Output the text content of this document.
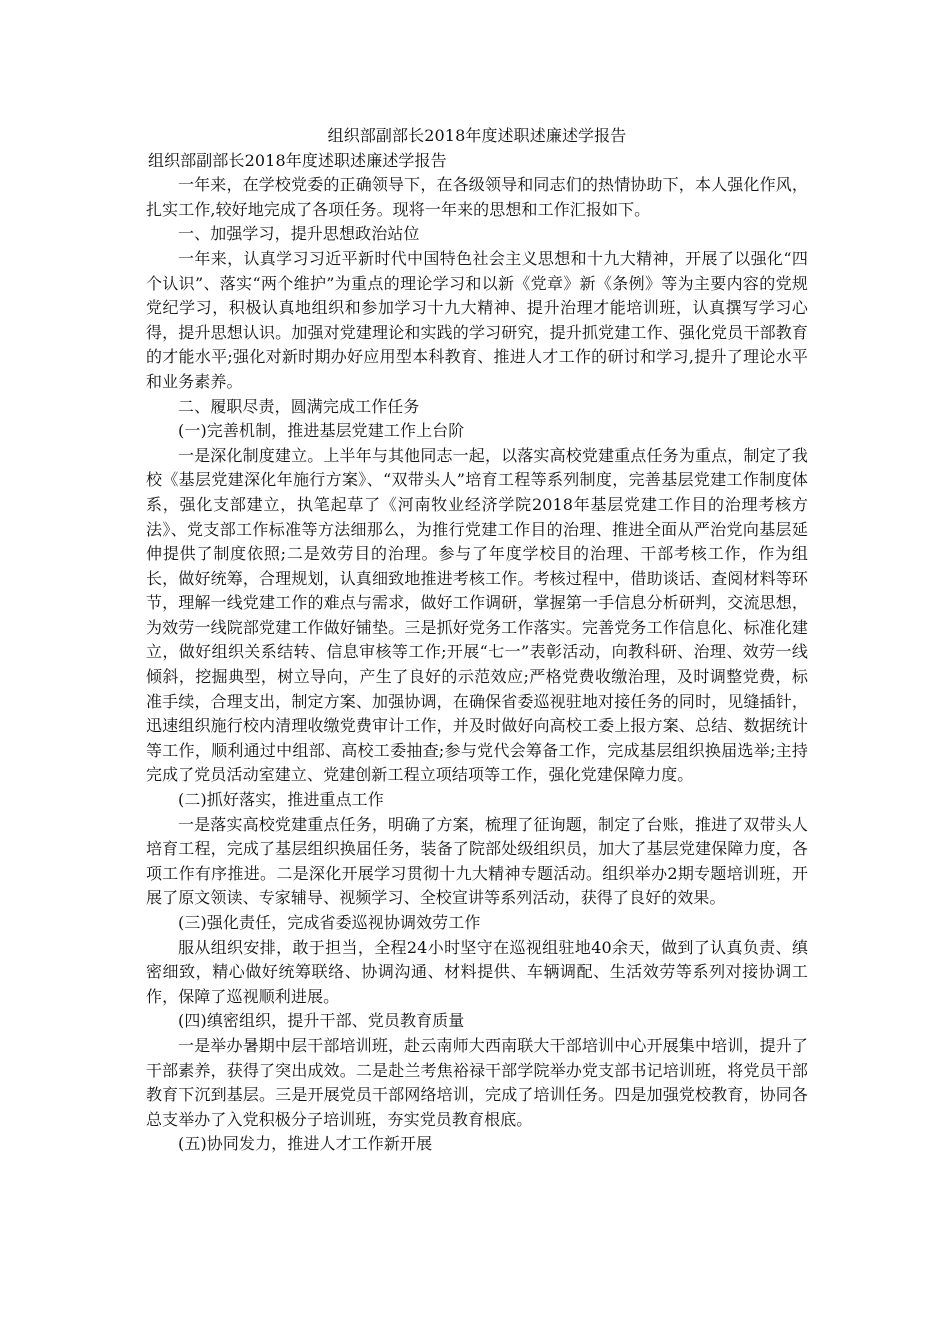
组织部副部长2018年度述职述廉述学报告
组织部副部长2018年度述职述廉述学报告

一年来，在学校党委的正确领导下，在各级领导和同志们的热情协助下，本人强化作风，扎实工作,较好地完成了各项任务。现将一年来的思想和工作汇报如下。

一、加强学习，提升思想政治站位

一年来，认真学习习近平新时代中国特色社会主义思想和十九大精神，开展了以强化“四个认识”、落实“两个维护”为重点的理论学习和以新《党章》新《条例》等为主要内容的党规党纪学习，积极认真地组织和参加学习十九大精神、提升治理才能培训班，认真撰写学习心得，提升思想认识。加强对党建理论和实践的学习研究，提升抓党建工作、强化党员干部教育的才能水平;强化对新时期办好应用型本科教育、推进人才工作的研讨和学习,提升了理论水平和业务素养。

二、履职尽责，圆满完成工作任务
(一)完善机制，推进基层党建工作上台阶

一是深化制度建立。上半年与其他同志一起，以落实高校党建重点任务为重点，制定了我校《基层党建深化年施行方案》、“双带头人”培育工程等系列制度，完善基层党建工作制度体系，强化支部建立，执笔起草了《河南牧业经济学院2018年基层党建工作目的治理考核方法》、党支部工作标准等方法细那么，为推行党建工作目的治理、推进全面从严治党向基层延伸提供了制度依照;二是效劳目的治理。参与了年度学校目的治理、干部考核工作，作为组长，做好统筹，合理规划，认真细致地推进考核工作。考核过程中，借助谈话、查阅材料等环节，理解一线党建工作的难点与需求，做好工作调研，掌握第一手信息分析研判，交流思想，为效劳一线院部党建工作做好铺垫。三是抓好党务工作落实。完善党务工作信息化、标准化建立，做好组织关系结转、信息审核等工作;开展“七一”表彰活动，向教科研、治理、效劳一线倾斜，挖掘典型，树立导向，产生了良好的示范效应;严格党费收缴治理，及时调整党费，标准手续，合理支出，制定方案、加强协调，在确保省委巡视驻地对接任务的同时，见缝插针，迅速组织施行校内清理收缴党费审计工作，并及时做好向高校工委上报方案、总结、数据统计等工作，顺利通过中组部、高校工委抽查;参与党代会筹备工作，完成基层组织换届选举;主持完成了党员活动室建立、党建创新工程立项结项等工作，强化党建保障力度。

(二)抓好落实，推进重点工作

一是落实高校党建重点任务，明确了方案，梳理了征询题，制定了台账，推进了双带头人培育工程，完成了基层组织换届任务，装备了院部处级组织员，加大了基层党建保障力度，各项工作有序推进。二是深化开展学习贯彻十九大精神专题活动。组织举办2期专题培训班，开展了原文领读、专家辅导、视频学习、全校宣讲等系列活动，获得了良好的效果。

(三)强化责任，完成省委巡视协调效劳工作

服从组织安排，敢于担当，全程24小时坚守在巡视组驻地40余天，做到了认真负责、缜密细致，精心做好统筹联络、协调沟通、材料提供、车辆调配、生活效劳等系列对接协调工作，保障了巡视顺利进展。

(四)缜密组织，提升干部、党员教育质量

一是举办暑期中层干部培训班，赴云南师大西南联大干部培训中心开展集中培训，提升了干部素养，获得了突出成效。二是赴兰考焦裕禄干部学院举办党支部书记培训班，将党员干部教育下沉到基层。三是开展党员干部网络培训，完成了培训任务。四是加强党校教育，协同各总支举办了入党积极分子培训班，夯实党员教育根底。

(五)协同发力，推进人才工作新开展
